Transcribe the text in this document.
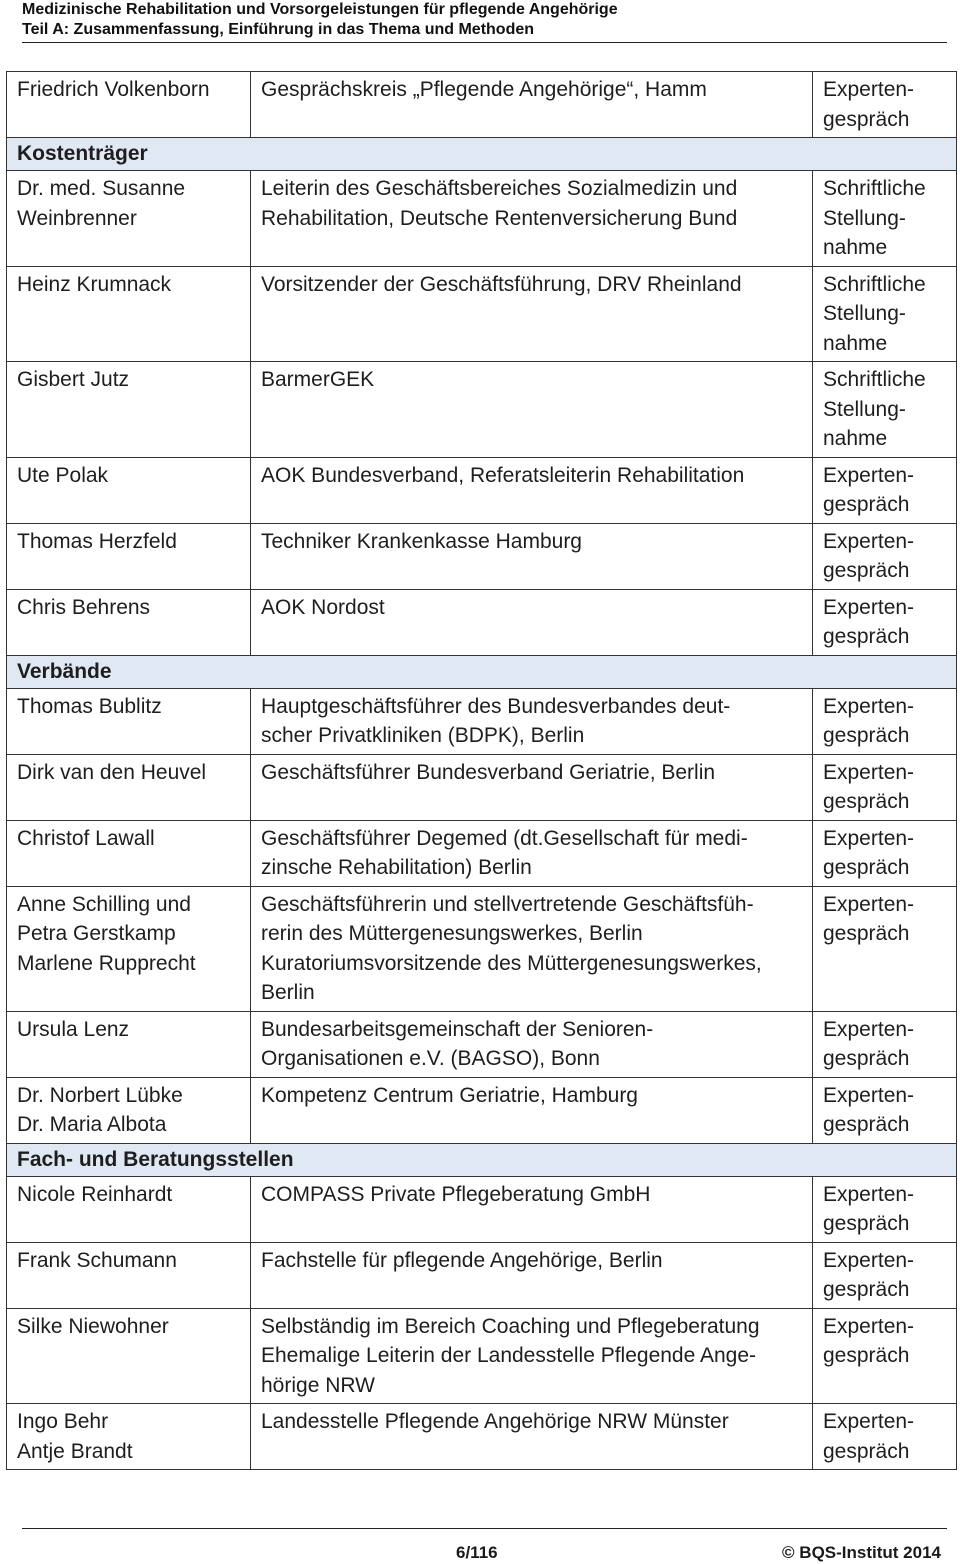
Medizinische Rehabilitation und Vorsorgeleistungen für pflegende Angehörige
Teil A: Zusammenfassung, Einführung in das Thema und Methoden
Friedrich Volkenborn	Gesprächskreis „Pflegende Angehörige“, Hamm	Experten-
gespräch

Kostenträger		

Dr. med. Susanne
Weinbrenner	Leiterin des Geschäftsbereiches Sozialmedizin und
Rehabilitation, Deutsche Rentenversicherung Bund	Schriftliche
Stellung-
nahme

Heinz Krumnack	Vorsitzender der Geschäftsführung, DRV Rheinland	Schriftliche
Stellung-
nahme

Gisbert Jutz	BarmerGEK	Schriftliche
Stellung-
nahme

Ute Polak	AOK Bundesverband, Referatsleiterin Rehabilitation	Experten-
gespräch

Thomas Herzfeld	Techniker Krankenkasse Hamburg	Experten-
gespräch

Chris Behrens	AOK Nordost	Experten-
gespräch

Verbände		

Thomas Bublitz	Hauptgeschäftsführer des Bundesverbandes deut-
scher Privatkliniken (BDPK), Berlin	Experten-
gespräch

Dirk van den Heuvel	Geschäftsführer Bundesverband Geriatrie, Berlin	Experten-
gespräch

Christof Lawall	Geschäftsführer Degemed (dt.Gesellschaft für medi-
zinsche Rehabilitation) Berlin	Experten-
gespräch

Anne Schilling und
Petra Gerstkamp
Marlene Rupprecht	Geschäftsführerin und stellvertretende Geschäftsfüh-
rerin des Müttergenesungswerkes, Berlin
Kuratoriumsvorsitzende des Müttergenesungswerkes,
Berlin	Experten-
gespräch

Ursula Lenz	Bundesarbeitsgemeinschaft der Senioren-
Organisationen e.V. (BAGSO), Bonn	Experten-
gespräch

Dr. Norbert Lübke
Dr. Maria Albota	Kompetenz Centrum Geriatrie, Hamburg	Experten-
gespräch

Fach- und Beratungsstellen		

Nicole Reinhardt	COMPASS Private Pflegeberatung GmbH	Experten-
gespräch

Frank Schumann	Fachstelle für pflegende Angehörige, Berlin	Experten-
gespräch

Silke Niewohner	Selbständig im Bereich Coaching und Pflegeberatung
Ehemalige Leiterin der Landesstelle Pflegende Ange-
hörige NRW	Experten-
gespräch

Ingo Behr
Antje Brandt	Landesstelle Pflegende Angehörige NRW Münster	Experten-
gespräch
6/116	© BQS-Institut 2014
